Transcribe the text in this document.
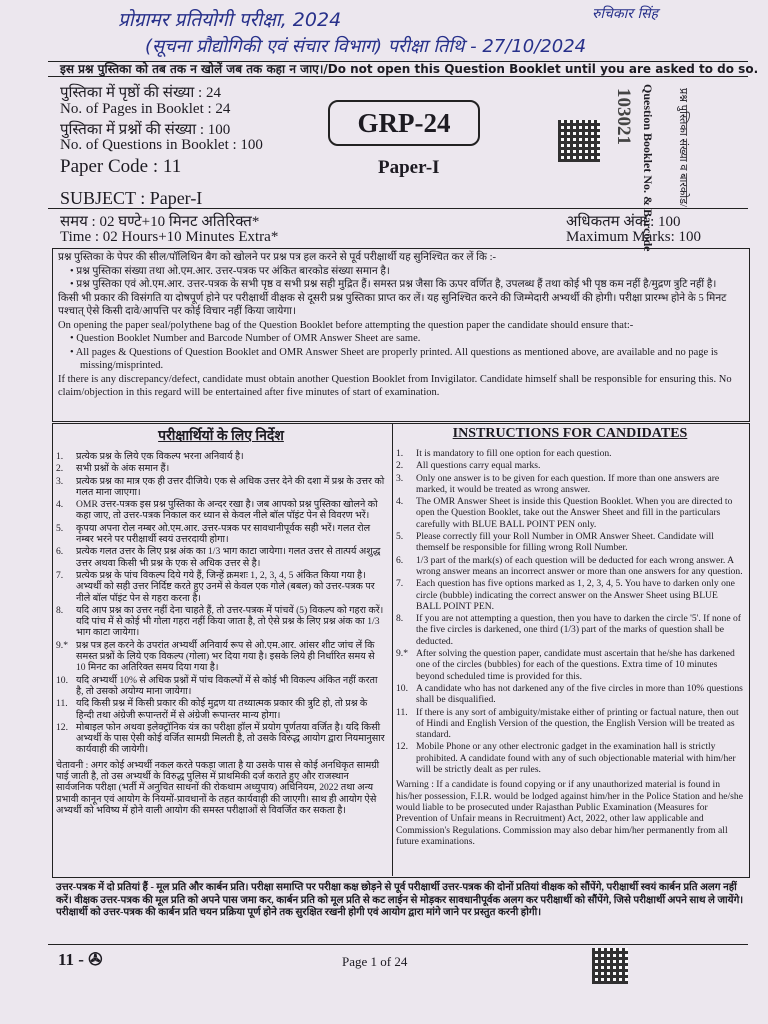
प्रोग्रामर प्रतियोगी परीक्षा, 2024
(सूचना प्रौद्योगिकी एवं संचार विभाग) परीक्षा तिथि - 27/10/2024
रुचिकार सिंह
इस प्रश्न पुस्तिका को तब तक न खोलें जब तक कहा न जाए।/Do not open this Question Booklet until you are asked to do so.
पुस्तिका में पृष्ठों की संख्या : 24
No. of Pages in Booklet : 24
पुस्तिका में प्रश्नों की संख्या : 100
No. of Questions in Booklet : 100
Paper Code : 11
SUBJECT : Paper-I
समय : 02 घण्टे+10 मिनट अतिरिक्त*
Time : 02 Hours+10 Minutes Extra*
अधिकतम अंक : 100
Maximum Marks: 100
GRP-24
Paper-I
103021 Question Booklet No. & Barcode प्रश्न पुस्तिका संख्या व बारकोड/
प्रश्न पुस्तिका के पेपर की सील/पॉलिथिन बैग को खोलने पर प्रश्न पत्र हल करने से पूर्व परीक्षार्थी यह सुनिश्चित कर लें कि :-
• प्रश्न पुस्तिका संख्या तथा ओ.एम.आर. उत्तर-पत्रक पर अंकित बारकोड संख्या समान है।
• प्रश्न पुस्तिका एवं ओ.एम.आर. उत्तर-पत्रक के सभी पृष्ठ व सभी प्रश्न सही मुद्रित हैं। समस्त प्रश्न जैसा कि ऊपर वर्णित है, उपलब्ध हैं तथा कोई भी पृष्ठ कम नहीं है/मुद्रण त्रुटि नहीं है।
किसी भी प्रकार की विसंगति या दोषपूर्ण होने पर परीक्षार्थी वीक्षक से दूसरी प्रश्न पुस्तिका प्राप्त कर लें। यह सुनिश्चित करने की जिम्मेदारी अभ्यर्थी की होगी। परीक्षा प्रारम्भ होने के 5 मिनट पश्चात् ऐसे किसी दावे/आपत्ति पर कोई विचार नहीं किया जायेगा।
On opening the paper seal/polythene bag of the Question Booklet before attempting the question paper the candidate should ensure that:-
• Question Booklet Number and Barcode Number of OMR Answer Sheet are same.
• All pages & Questions of Question Booklet and OMR Answer Sheet are properly printed. All questions as mentioned above, are available and no page is missing/misprinted.
If there is any discrepancy/defect, candidate must obtain another Question Booklet from Invigilator. Candidate himself shall be responsible for ensuring this. No claim/objection in this regard will be entertained after five minutes of start of examination.
परीक्षार्थियों के लिए निर्देश
1.	प्रत्येक प्रश्न के लिये एक विकल्प भरना अनिवार्य है।
2.	सभी प्रश्नों के अंक समान हैं।
3.	प्रत्येक प्रश्न का मात्र एक ही उत्तर दीजिये। एक से अधिक उत्तर देने की दशा में प्रश्न के उत्तर को गलत माना जाएगा।
4.	OMR उत्तर-पत्रक इस प्रश्न पुस्तिका के अन्दर रखा है। जब आपको प्रश्न पुस्तिका खोलने को कहा जाए, तो उत्तर-पत्रक निकाल कर ध्यान से केवल नीले बॉल पॉइंट पेन से विवरण भरें।
5.	कृपया अपना रोल नम्बर ओ.एम.आर. उत्तर-पत्रक पर सावधानीपूर्वक सही भरें। गलत रोल नम्बर भरने पर परीक्षार्थी स्वयं उत्तरदायी होगा।
6.	प्रत्येक गलत उत्तर के लिए प्रश्न अंक का 1/3 भाग काटा जायेगा। गलत उत्तर से तात्पर्य अशुद्ध उत्तर अथवा किसी भी प्रश्न के एक से अधिक उत्तर से है।
7.	प्रत्येक प्रश्न के पांच विकल्प दिये गये हैं, जिन्हें क्रमशः 1, 2, 3, 4, 5 अंकित किया गया है। अभ्यर्थी को सही उत्तर निर्दिष्ट करते हुए उनमें से केवल एक गोले (बबल) को उत्तर-पत्रक पर नीले बॉल पॉइंट पेन से गहरा करना है।
8.	यदि आप प्रश्न का उत्तर नहीं देना चाहते हैं, तो उत्तर-पत्रक में पांचवें (5) विकल्प को गहरा करें। यदि पांच में से कोई भी गोला गहरा नहीं किया जाता है, तो ऐसे प्रश्न के लिए प्रश्न अंक का 1/3 भाग काटा जायेगा।
9.* प्रश्न पत्र हल करने के उपरांत अभ्यर्थी अनिवार्य रूप से ओ.एम.आर. आंसर शीट जांच लें कि समस्त प्रश्नों के लिये एक विकल्प (गोला) भर दिया गया है। इसके लिये ही निर्धारित समय से 10 मिनट का अतिरिक्त समय दिया गया है।
10. यदि अभ्यर्थी 10% से अधिक प्रश्नों में पांच विकल्पों में से कोई भी विकल्प अंकित नहीं करता है, तो उसको अयोग्य माना जायेगा।
11. यदि किसी प्रश्न में किसी प्रकार की कोई मुद्रण या तथ्यात्मक प्रकार की त्रुटि हो, तो प्रश्न के हिन्दी तथा अंग्रेजी रूपान्तरों में से अंग्रेजी रूपान्तर मान्य होगा।
12. मोबाइल फोन अथवा इलेक्ट्रॉनिक यंत्र का परीक्षा हॉल में प्रयोग पूर्णतया वर्जित है। यदि किसी अभ्यर्थी के पास ऐसी कोई वर्जित सामग्री मिलती है, तो उसके विरुद्ध आयोग द्वारा नियमानुसार कार्यवाही की जायेगी।
चेतावनी : अगर कोई अभ्यर्थी नकल करते पकड़ा जाता है या उसके पास से कोई अनधिकृत सामग्री पाई जाती है, तो उस अभ्यर्थी के विरुद्ध पुलिस में प्राथमिकी दर्ज कराते हुए और राजस्थान सार्वजनिक परीक्षा (भर्ती में अनुचित साधनों की रोकथाम अध्युपाय) अधिनियम, 2022 तथा अन्य प्रभावी कानून एवं आयोग के नियमों-प्रावधानों के तहत कार्यवाही की जाएगी। साथ ही आयोग ऐसे अभ्यर्थी को भविष्य में होने वाली आयोग की समस्त परीक्षाओं से विवर्जित कर सकता है।
INSTRUCTIONS FOR CANDIDATES
1.	It is mandatory to fill one option for each question.
2.	All questions carry equal marks.
3.	Only one answer is to be given for each question. If more than one answers are marked, it would be treated as wrong answer.
4.	The OMR Answer Sheet is inside this Question Booklet. When you are directed to open the Question Booklet, take out the Answer Sheet and fill in the particulars carefully with BLUE BALL POINT PEN only.
5.	Please correctly fill your Roll Number in OMR Answer Sheet. Candidate will themself be responsible for filling wrong Roll Number.
6.	1/3 part of the mark(s) of each question will be deducted for each wrong answer. A wrong answer means an incorrect answer or more than one answers for any question.
7.	Each question has five options marked as 1, 2, 3, 4, 5. You have to darken only one circle (bubble) indicating the correct answer on the Answer Sheet using BLUE BALL POINT PEN.
8.	If you are not attempting a question, then you have to darken the circle '5'. If none of the five circles is darkened, one third (1/3) part of the marks of question shall be deducted.
9.* After solving the question paper, candidate must ascertain that he/she has darkened one of the circles (bubbles) for each of the questions. Extra time of 10 minutes beyond scheduled time is provided for this.
10. A candidate who has not darkened any of the five circles in more than 10% questions shall be disqualified.
11. If there is any sort of ambiguity/mistake either of printing or factual nature, then out of Hindi and English Version of the question, the English Version will be treated as standard.
12. Mobile Phone or any other electronic gadget in the examination hall is strictly prohibited. A candidate found with any of such objectionable material with him/her will be strictly dealt as per rules.
Warning : If a candidate is found copying or if any unauthorized material is found in his/her possession, F.I.R. would be lodged against him/her in the Police Station and he/she would liable to be prosecuted under Rajasthan Public Examination (Measures for Prevention of Unfair means in Recruitment) Act, 2022, other law applicable and Commission's Regulations. Commission may also debar him/her permanently from all future examinations.
उत्तर-पत्रक में दो प्रतियां हैं - मूल प्रति और कार्बन प्रति। परीक्षा समाप्ति पर परीक्षा कक्ष छोड़ने से पूर्व परीक्षार्थी उत्तर-पत्रक की दोनों प्रतियां वीक्षक को सौंपेंगे, परीक्षार्थी स्वयं कार्बन प्रति अलग नहीं करें। वीक्षक उत्तर-पत्रक की मूल प्रति को अपने पास जमा कर, कार्बन प्रति को मूल प्रति से कट लाईन से मोड़कर सावधानीपूर्वक अलग कर परीक्षार्थी को सौंपेंगे, जिसे परीक्षार्थी अपने साथ ले जायेंगे। परीक्षार्थी को उत्तर-पत्रक की कार्बन प्रति चयन प्रक्रिया पूर्ण होने तक सुरक्षित रखनी होगी एवं आयोग द्वारा मांगे जाने पर प्रस्तुत करनी होगी।
11 - ✇	Page 1 of 24
